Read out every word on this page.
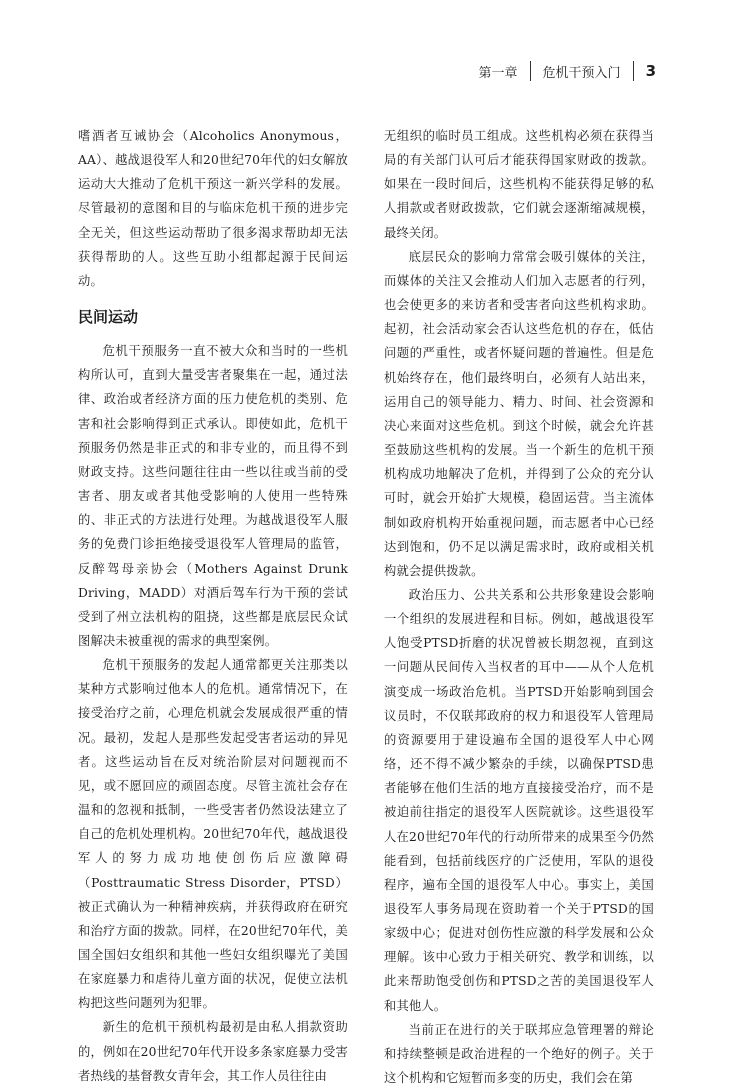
第一章 危机干预入门 3

嗜酒者互诫协会（Alcoholics Anonymous，AA）、越战退役军人和20世纪70年代的妇女解放运动大大推动了危机干预这一新兴学科的发展。尽管最初的意图和目的与临床危机干预的进步完全无关，但这些运动帮助了很多渴求帮助却无法获得帮助的人。这些互助小组都起源于民间运动。

民间运动

危机干预服务一直不被大众和当时的一些机构所认可，直到大量受害者聚集在一起，通过法律、政治或者经济方面的压力使危机的类别、危害和社会影响得到正式承认。即使如此，危机干预服务仍然是非正式的和非专业的，而且得不到财政支持。这些问题往往由一些以往或当前的受害者、朋友或者其他受影响的人使用一些特殊的、非正式的方法进行处理。为越战退役军人服务的免费门诊拒绝接受退役军人管理局的监管，反醉驾母亲协会（Mothers Against Drunk Driving，MADD）对酒后驾车行为干预的尝试受到了州立法机构的阻挠，这些都是底层民众试图解决未被重视的需求的典型案例。

危机干预服务的发起人通常都更关注那类以某种方式影响过他本人的危机。通常情况下，在接受治疗之前，心理危机就会发展成很严重的情况。最初，发起人是那些发起受害者运动的异见者。这些运动旨在反对统治阶层对问题视而不见，或不愿回应的顽固态度。尽管主流社会存在温和的忽视和抵制，一些受害者仍然设法建立了自己的危机处理机构。20世纪70年代，越战退役军人的努力成功地使创伤后应激障碍（Posttraumatic Stress Disorder，PTSD）被正式确认为一种精神疾病，并获得政府在研究和治疗方面的拨款。同样，在20世纪70年代，美国全国妇女组织和其他一些妇女组织曝光了美国在家庭暴力和虐待儿童方面的状况，促使立法机构把这些问题列为犯罪。

新生的危机干预机构最初是由私人捐款资助的，例如在20世纪70年代开设多条家庭暴力受害者热线的基督教女青年会，其工作人员往往由

无组织的临时员工组成。这些机构必须在获得当局的有关部门认可后才能获得国家财政的拨款。如果在一段时间后，这些机构不能获得足够的私人捐款或者财政拨款，它们就会逐渐缩减规模，最终关闭。

底层民众的影响力常常会吸引媒体的关注，而媒体的关注又会推动人们加入志愿者的行列，也会使更多的来访者和受害者向这些机构求助。起初，社会活动家会否认这些危机的存在，低估问题的严重性，或者怀疑问题的普遍性。但是危机始终存在，他们最终明白，必须有人站出来，运用自己的领导能力、精力、时间、社会资源和决心来面对这些危机。到这个时候，就会允许甚至鼓励这些机构的发展。当一个新生的危机干预机构成功地解决了危机，并得到了公众的充分认可时，就会开始扩大规模，稳固运营。当主流体制如政府机构开始重视问题，而志愿者中心已经达到饱和，仍不足以满足需求时，政府或相关机构就会提供拨款。

政治压力、公共关系和公共形象建设会影响一个组织的发展进程和目标。例如，越战退役军人饱受PTSD折磨的状况曾被长期忽视，直到这一问题从民间传入当权者的耳中——从个人危机演变成一场政治危机。当PTSD开始影响到国会议员时，不仅联邦政府的权力和退役军人管理局的资源要用于建设遍布全国的退役军人中心网络，还不得不减少繁杂的手续，以确保PTSD患者能够在他们生活的地方直接接受治疗，而不是被迫前往指定的退役军人医院就诊。这些退役军人在20世纪70年代的行动所带来的成果至今仍然能看到，包括前线医疗的广泛使用，军队的退役程序，遍布全国的退役军人中心。事实上，美国退役军人事务局现在资助着一个关于PTSD的国家级中心；促进对创伤性应激的科学发展和公众理解。该中心致力于相关研究、教学和训练，以此来帮助饱受创伤和PTSD之苦的美国退役军人和其他人。

当前正在进行的关于联邦应急管理署的辩论和持续整顿是政治进程的一个绝好的例子。关于这个机构和它短暂而多变的历史，我们会在第
